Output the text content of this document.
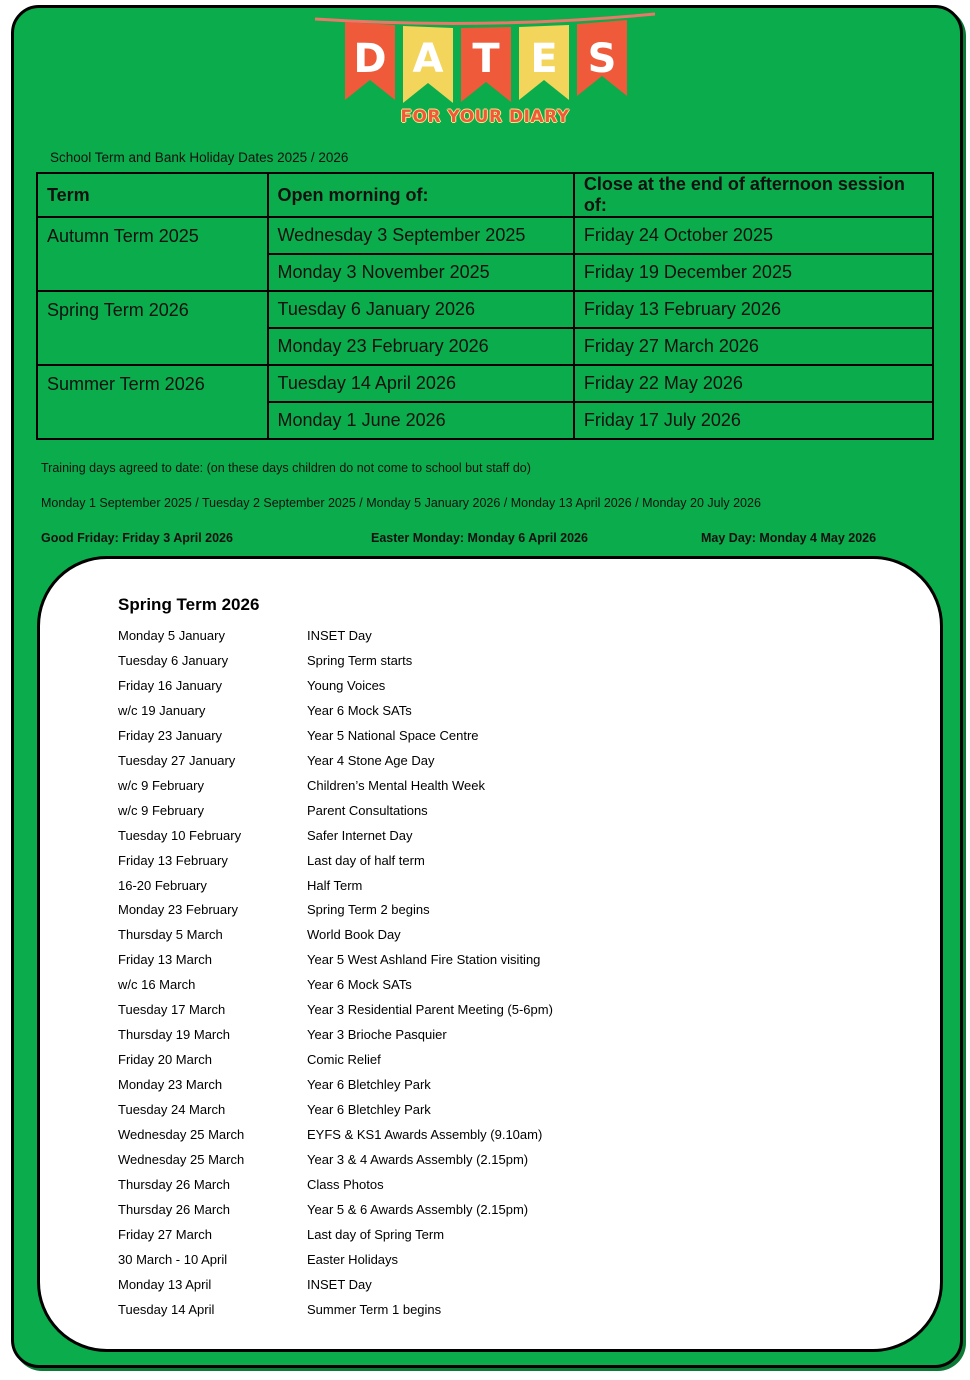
D A T E S
FOR YOUR DIARY
School Term and Bank Holiday Dates 2025 / 2026
Term	Open morning of:	Close at the end of afternoon session of:
Autumn Term 2025	Wednesday 3 September 2025	Friday 24 October 2025
	Monday 3 November 2025	Friday 19 December 2025
Spring Term 2026	Tuesday 6 January 2026	Friday 13 February 2026
	Monday 23 February 2026	Friday 27 March 2026
Summer Term 2026	Tuesday 14 April 2026	Friday 22 May 2026
	Monday 1 June 2026	Friday 17 July 2026
Training days agreed to date: (on these days children do not come to school but staff do)
Monday 1 September 2025 / Tuesday 2 September 2025 / Monday 5 January 2026 / Monday 13 April 2026 / Monday 20 July 2026
Good Friday: Friday 3 April 2026	Easter Monday: Monday 6 April 2026	May Day: Monday 4 May 2026
Spring Term 2026
Monday 5 January	INSET Day
Tuesday 6 January	Spring Term starts
Friday 16 January	Young Voices
w/c 19 January	Year 6 Mock SATs
Friday 23 January	Year 5 National Space Centre
Tuesday 27 January	Year 4 Stone Age Day
w/c 9 February	Children’s Mental Health Week
w/c 9 February	Parent Consultations
Tuesday 10 February	Safer Internet Day
Friday 13 February	Last day of half term
16-20 February	Half Term
Monday 23 February	Spring Term 2 begins
Thursday 5 March	World Book Day
Friday 13 March	Year 5 West Ashland Fire Station visiting
w/c 16 March	Year 6 Mock SATs
Tuesday 17 March	Year 3 Residential Parent Meeting (5-6pm)
Thursday 19 March	Year 3 Brioche Pasquier
Friday 20 March	Comic Relief
Monday 23 March	Year 6 Bletchley Park
Tuesday 24 March	Year 6 Bletchley Park
Wednesday 25 March	EYFS & KS1 Awards Assembly (9.10am)
Wednesday 25 March	Year 3 & 4 Awards Assembly (2.15pm)
Thursday 26 March	Class Photos
Thursday 26 March	Year 5 & 6 Awards Assembly (2.15pm)
Friday 27 March	Last day of Spring Term
30 March - 10 April	Easter Holidays
Monday 13 April	INSET Day
Tuesday 14 April	Summer Term 1 begins
